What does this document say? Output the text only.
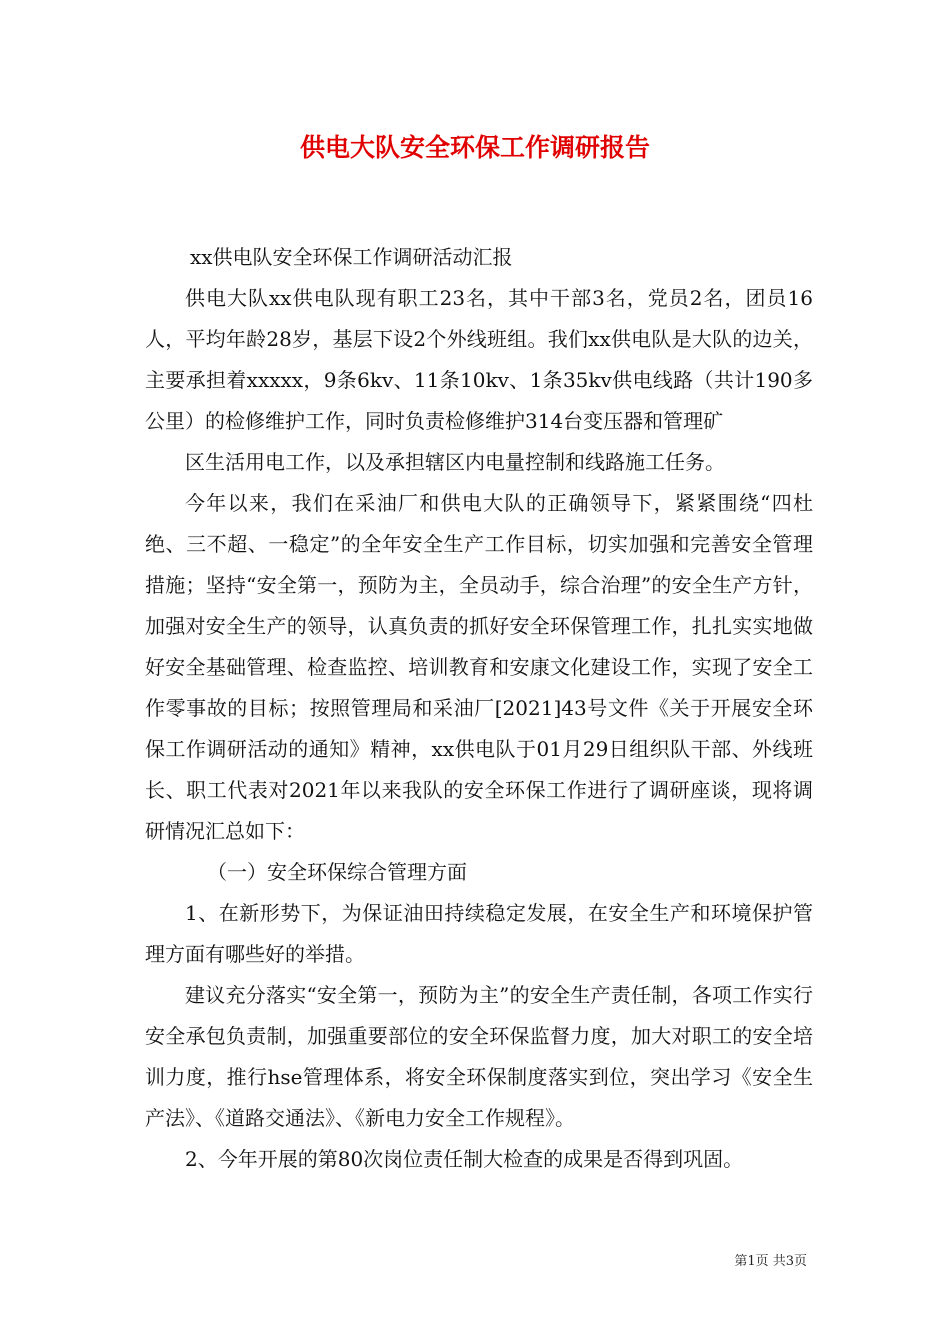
供电大队安全环保工作调研报告

xx供电队安全环保工作调研活动汇报

供电大队xx供电队现有职工23名，其中干部3名，党员2名，团员16人，平均年龄28岁，基层下设2个外线班组。我们xx供电队是大队的边关，主要承担着xxxxx，9条6kv、11条10kv、1条35kv供电线路（共计190多公里）的检修维护工作，同时负责检修维护314台变压器和管理矿

区生活用电工作，以及承担辖区内电量控制和线路施工任务。

今年以来，我们在采油厂和供电大队的正确领导下，紧紧围绕“四杜绝、三不超、一稳定”的全年安全生产工作目标，切实加强和完善安全管理措施；坚持“安全第一，预防为主，全员动手，综合治理”的安全生产方针，加强对安全生产的领导，认真负责的抓好安全环保管理工作，扎扎实实地做好安全基础管理、检查监控、培训教育和安康文化建设工作，实现了安全工作零事故的目标；按照管理局和采油厂[2021]43号文件《关于开展安全环保工作调研活动的通知》精神，xx供电队于01月29日组织队干部、外线班长、职工代表对2021年以来我队的安全环保工作进行了调研座谈，现将调研情况汇总如下：

（一）安全环保综合管理方面

1、在新形势下，为保证油田持续稳定发展，在安全生产和环境保护管理方面有哪些好的举措。

建议充分落实“安全第一，预防为主”的安全生产责任制，各项工作实行安全承包负责制，加强重要部位的安全环保监督力度，加大对职工的安全培训力度，推行hse管理体系，将安全环保制度落实到位，突出学习《安全生产法》、《道路交通法》、《新电力安全工作规程》。

2、今年开展的第80次岗位责任制大检查的成果是否得到巩固。

第1页 共3页
